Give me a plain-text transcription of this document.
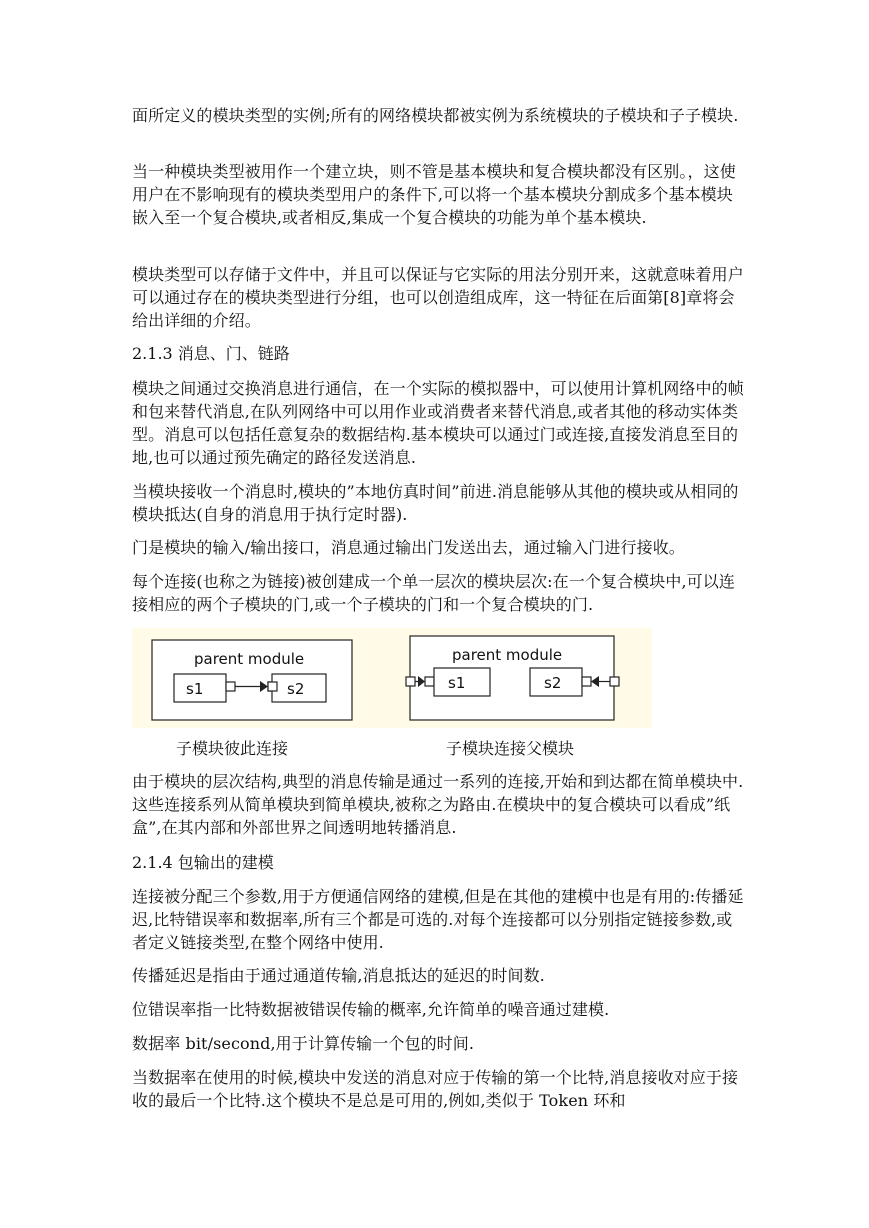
面所定义的模块类型的实例;所有的网络模块都被实例为系统模块的子模块和子子模块.

当一种模块类型被用作一个建立块，则不管是基本模块和复合模块都没有区别。，这使用户在不影响现有的模块类型用户的条件下,可以将一个基本模块分割成多个基本模块嵌入至一个复合模块,或者相反,集成一个复合模块的功能为单个基本模块.

模块类型可以存储于文件中，并且可以保证与它实际的用法分别开来，这就意味着用户可以通过存在的模块类型进行分组，也可以创造组成库，这一特征在后面第[8]章将会给出详细的介绍。

2.1.3 消息、门、链路

模块之间通过交换消息进行通信，在一个实际的模拟器中，可以使用计算机网络中的帧和包来替代消息,在队列网络中可以用作业或消费者来替代消息,或者其他的移动实体类型。消息可以包括任意复杂的数据结构.基本模块可以通过门或连接,直接发消息至目的地,也可以通过预先确定的路径发送消息.

当模块接收一个消息时,模块的”本地仿真时间”前进.消息能够从其他的模块或从相同的模块抵达(自身的消息用于执行定时器).

门是模块的输入/输出接口，消息通过输出门发送出去，通过输入门进行接收。

每个连接(也称之为链接)被创建成一个单一层次的模块层次:在一个复合模块中,可以连接相应的两个子模块的门,或一个子模块的门和一个复合模块的门.

parent module
s1	s2
parent module
s1	s2
子模块彼此连接	子模块连接父模块

由于模块的层次结构,典型的消息传输是通过一系列的连接,开始和到达都在简单模块中.这些连接系列从简单模块到简单模块,被称之为路由.在模块中的复合模块可以看成”纸盒”,在其内部和外部世界之间透明地转播消息.

2.1.4 包输出的建模

连接被分配三个参数,用于方便通信网络的建模,但是在其他的建模中也是有用的:传播延迟,比特错误率和数据率,所有三个都是可选的.对每个连接都可以分别指定链接参数,或者定义链接类型,在整个网络中使用.

传播延迟是指由于通过通道传输,消息抵达的延迟的时间数.

位错误率指一比特数据被错误传输的概率,允许简单的噪音通过建模.

数据率 bit/second,用于计算传输一个包的时间.

当数据率在使用的时候,模块中发送的消息对应于传输的第一个比特,消息接收对应于接收的最后一个比特.这个模块不是总是可用的,例如,类似于 Token 环和
